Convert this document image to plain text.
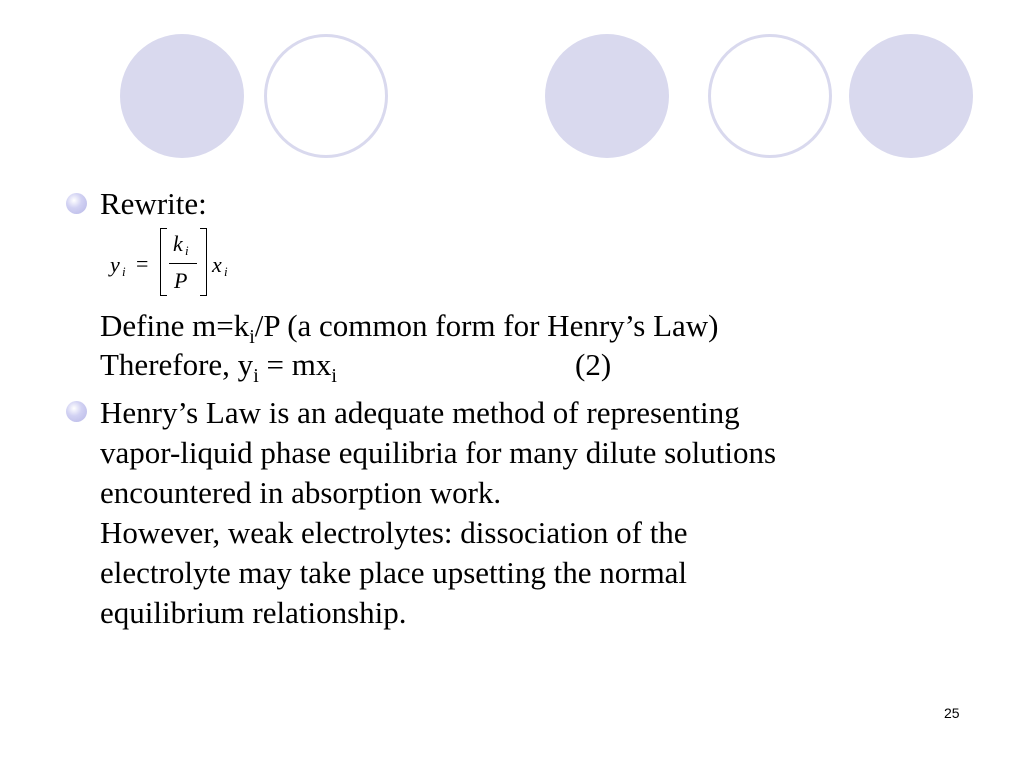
Rewrite:
y i =
k i
P
x i
Define $m=k_i/P$ (a common form for Henry’s Law)
Therefore, $y_i = mx_i$	(2)
Henry’s Law is an adequate method of representing
vapor-liquid phase equilibria for many dilute solutions
encountered in absorption work.
However, weak electrolytes: dissociation of the
electrolyte may take place upsetting the normal
equilibrium relationship.
25
